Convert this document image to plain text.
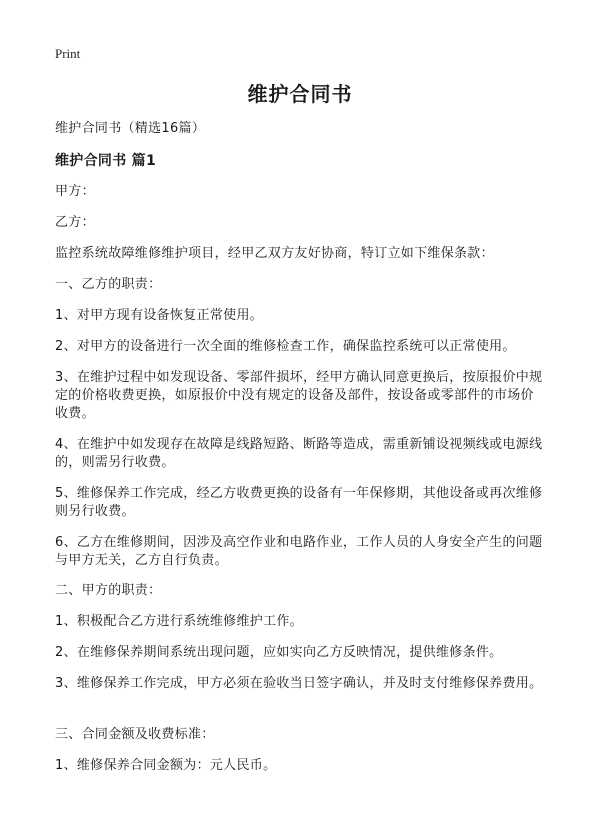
Print
维护合同书
维护合同书（精选16篇）
维护合同书 篇1
甲方：
乙方：
监控系统故障维修维护项目，经甲乙双方友好协商，特订立如下维保条款：
一、乙方的职责：
1、对甲方现有设备恢复正常使用。
2、对甲方的设备进行一次全面的维修检查工作，确保监控系统可以正常使用。
3、在维护过程中如发现设备、零部件损坏，经甲方确认同意更换后，按原报价中规定的价格收费更换，如原报价中没有规定的设备及部件，按设备或零部件的市场价收费。
4、在维护中如发现存在故障是线路短路、断路等造成，需重新铺设视频线或电源线的，则需另行收费。
5、维修保养工作完成，经乙方收费更换的设备有一年保修期，其他设备或再次维修则另行收费。
6、乙方在维修期间，因涉及高空作业和电路作业，工作人员的人身安全产生的问题与甲方无关，乙方自行负责。
二、甲方的职责：
1、积极配合乙方进行系统维修维护工作。
2、在维修保养期间系统出现问题，应如实向乙方反映情况，提供维修条件。
3、维修保养工作完成，甲方必须在验收当日签字确认，并及时支付维修保养费用。
三、合同金额及收费标准：
1、维修保养合同金额为：元人民币。
